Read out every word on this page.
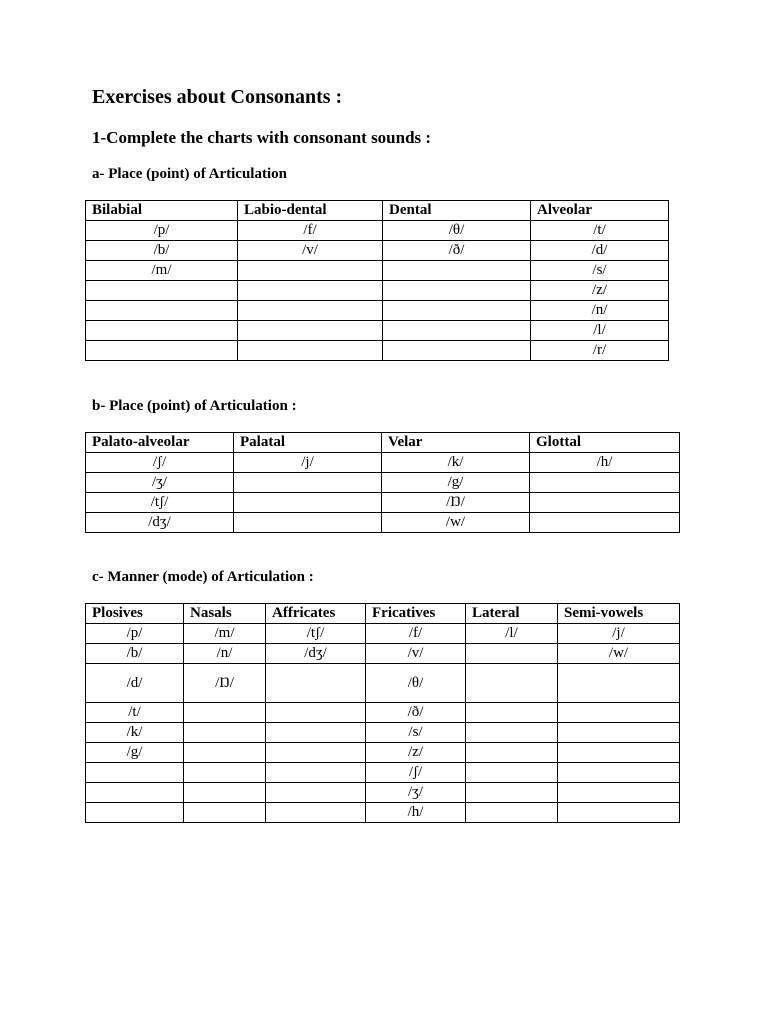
Exercises about Consonants :
1-Complete the charts with consonant sounds :
a- Place (point) of Articulation
Bilabial	Labio-dental	Dental	Alveolar
/p/	/f/	/θ/	/t/
/b/	/v/	/ð/	/d/
/m/			/s/
			/z/
			/n/
			/l/
			/r/
b- Place (point) of Articulation :
Palato-alveolar	Palatal	Velar	Glottal
/ʃ/	/j/	/k/	/h/
/ʒ/		/g/	
/tʃ/		/Ŋ/	
/dʒ/		/w/	
c- Manner (mode) of Articulation :
Plosives	Nasals	Affricates	Fricatives	Lateral	Semi-vowels
/p/	/m/	/tʃ/	/f/	/l/	/j/
/b/	/n/	/dʒ/	/v/		/w/
/d/	/Ŋ/		/θ/		
/t/			/ð/		
/k/			/s/		
/g/			/z/		
			/ʃ/		
			/ʒ/		
			/h/		
